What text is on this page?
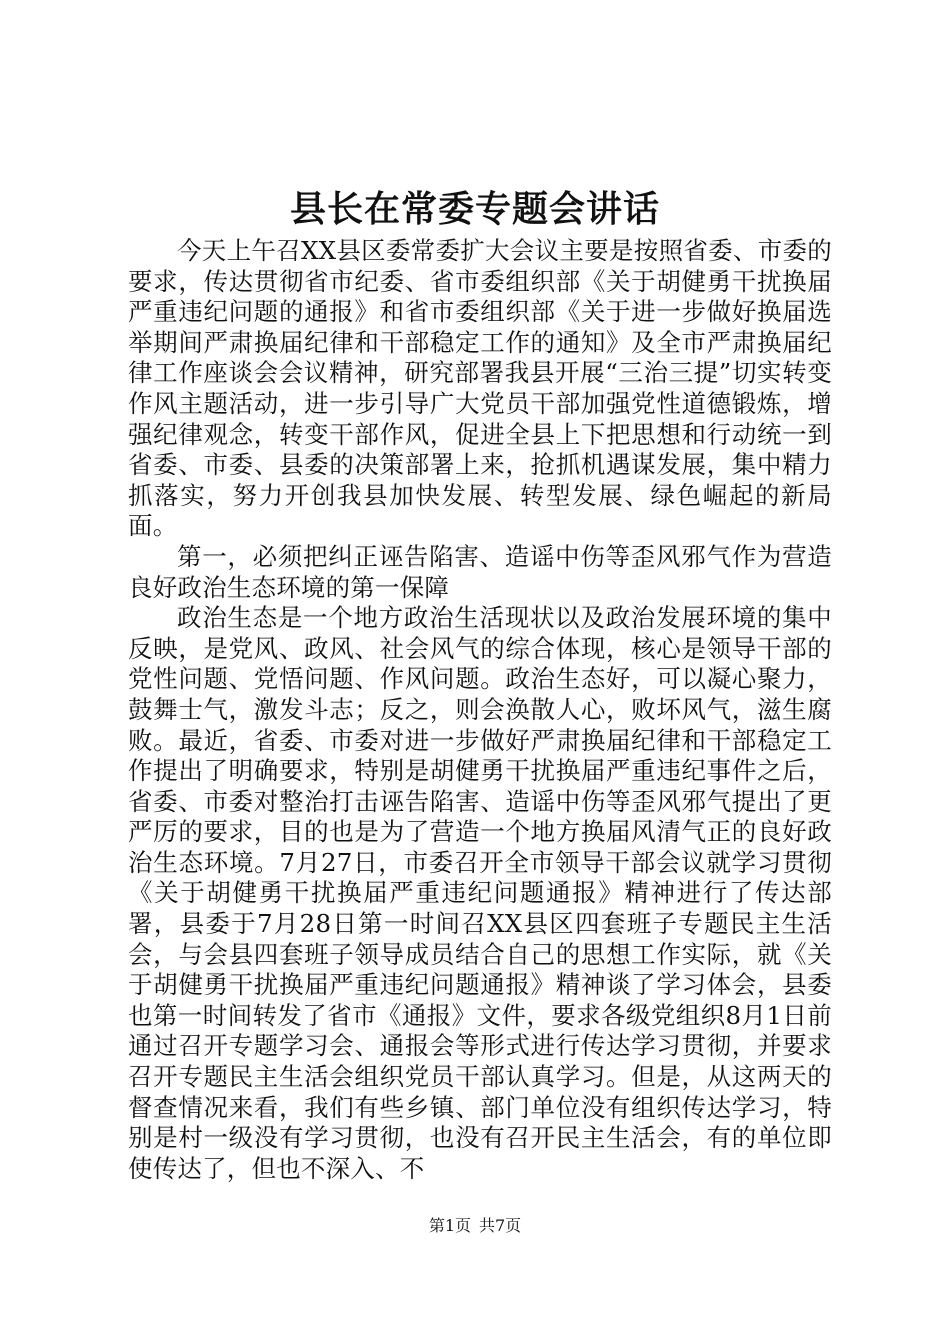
县长在常委专题会讲话

今天上午召XX县区委常委扩大会议主要是按照省委、市委的要求，传达贯彻省市纪委、省市委组织部《关于胡健勇干扰换届严重违纪问题的通报》和省市委组织部《关于进一步做好换届选举期间严肃换届纪律和干部稳定工作的通知》及全市严肃换届纪律工作座谈会会议精神，研究部署我县开展“三治三提”切实转变作风主题活动，进一步引导广大党员干部加强党性道德锻炼，增强纪律观念，转变干部作风，促进全县上下把思想和行动统一到省委、市委、县委的决策部署上来，抢抓机遇谋发展，集中精力抓落实，努力开创我县加快发展、转型发展、绿色崛起的新局面。

第一，必须把纠正诬告陷害、造谣中伤等歪风邪气作为营造良好政治生态环境的第一保障

政治生态是一个地方政治生活现状以及政治发展环境的集中反映，是党风、政风、社会风气的综合体现，核心是领导干部的党性问题、党悟问题、作风问题。政治生态好，可以凝心聚力，鼓舞士气，激发斗志；反之，则会涣散人心，败坏风气，滋生腐败。最近，省委、市委对进一步做好严肃换届纪律和干部稳定工作提出了明确要求，特别是胡健勇干扰换届严重违纪事件之后，省委、市委对整治打击诬告陷害、造谣中伤等歪风邪气提出了更严厉的要求，目的也是为了营造一个地方换届风清气正的良好政治生态环境。7月27日，市委召开全市领导干部会议就学习贯彻《关于胡健勇干扰换届严重违纪问题通报》精神进行了传达部署，县委于7月28日第一时间召XX县区四套班子专题民主生活会，与会县四套班子领导成员结合自己的思想工作实际，就《关于胡健勇干扰换届严重违纪问题通报》精神谈了学习体会，县委也第一时间转发了省市《通报》文件，要求各级党组织8月1日前通过召开专题学习会、通报会等形式进行传达学习贯彻，并要求召开专题民主生活会组织党员干部认真学习。但是，从这两天的督查情况来看，我们有些乡镇、部门单位没有组织传达学习，特别是村一级没有学习贯彻，也没有召开民主生活会，有的单位即使传达了，但也不深入、不

第1页 共7页
